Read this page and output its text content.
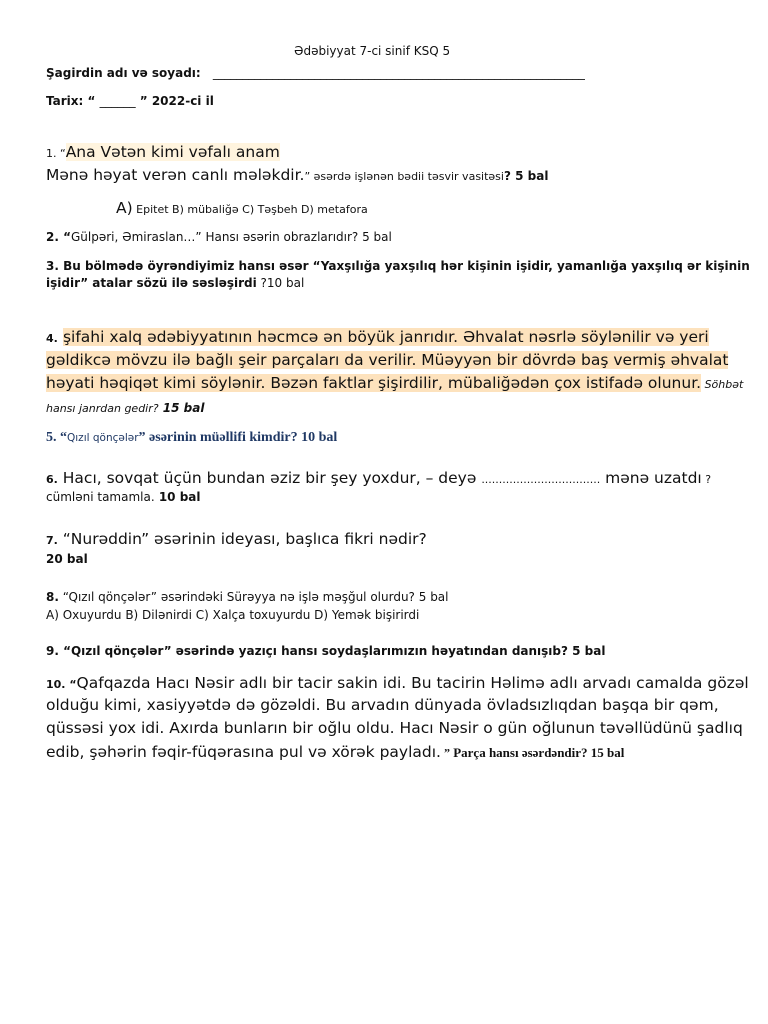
Ədəbiyyat 7-ci sinif KSQ 5
Şagirdin adı və soyadı: ______________________________________________________________
Tarix: “ ______ ” 2022-ci il
1. “Ana Vətən kimi vəfalı anam
Mənə həyat verən canlı mələkdir.” əsərdə işlənən bədii təsvir vasitəsi? 5 bal
A) Epitet B) mübaliğə C) Təşbeh D) metafora
2. “Gülpəri, Əmiraslan…” Hansı əsərin obrazlarıdır? 5 bal
3. Bu bölmədə öyrəndiyimiz hansı əsər “Yaxşılığa yaxşılıq hər kişinin işidir, yamanlığa yaxşılıq ər kişinin
işidir” atalar sözü ilə səsləşirdi ?10 bal
4. şifahi xalq ədəbiyyatının həcmcə ən böyük janrıdır. Əhvalat nəsrlə söylənilir və yeri
gəldikcə mövzu ilə bağlı şeir parçaları da verilir. Müəyyən bir dövrdə baş vermiş əhvalat
həyati həqiqət kimi söylənir. Bəzən faktlar şişirdilir, mübaliğədən çox istifadə olunur. Söhbət
hansı janrdan gedir? 15 bal
5. “Qızıl qönçələr” əsərinin müəllifi kimdir? 10 bal
6. Hacı, sovqat üçün bundan əziz bir şey yoxdur, – deyə .................................. mənə uzatdı ?
cümləni tamamla. 10 bal
7. “Nurəddin” əsərinin ideyası, başlıca fikri nədir?
20 bal
8. “Qızıl qönçələr” əsərindəki Sürəyya nə işlə məşğul olurdu? 5 bal
A) Oxuyurdu B) Dilənirdi C) Xalça toxuyurdu D) Yemək bişirirdi
9. “Qızıl qönçələr” əsərində yazıçı hansı soydaşlarımızın həyatından danışıb? 5 bal
10. “Qafqazda Hacı Nəsir adlı bir tacir sakin idi. Bu tacirin Həlimə adlı arvadı camalda gözəl
olduğu kimi, xasiyyətdə də gözəldi. Bu arvadın dünyada övladsızlıqdan başqa bir qəm,
qüssəsi yox idi. Axırda bunların bir oğlu oldu. Hacı Nəsir o gün oğlunun təvəllüdünü şadlıq
edib, şəhərin fəqir-füqərasına pul və xörək payladı. ˮ Parça hansı əsərdəndir? 15 bal
